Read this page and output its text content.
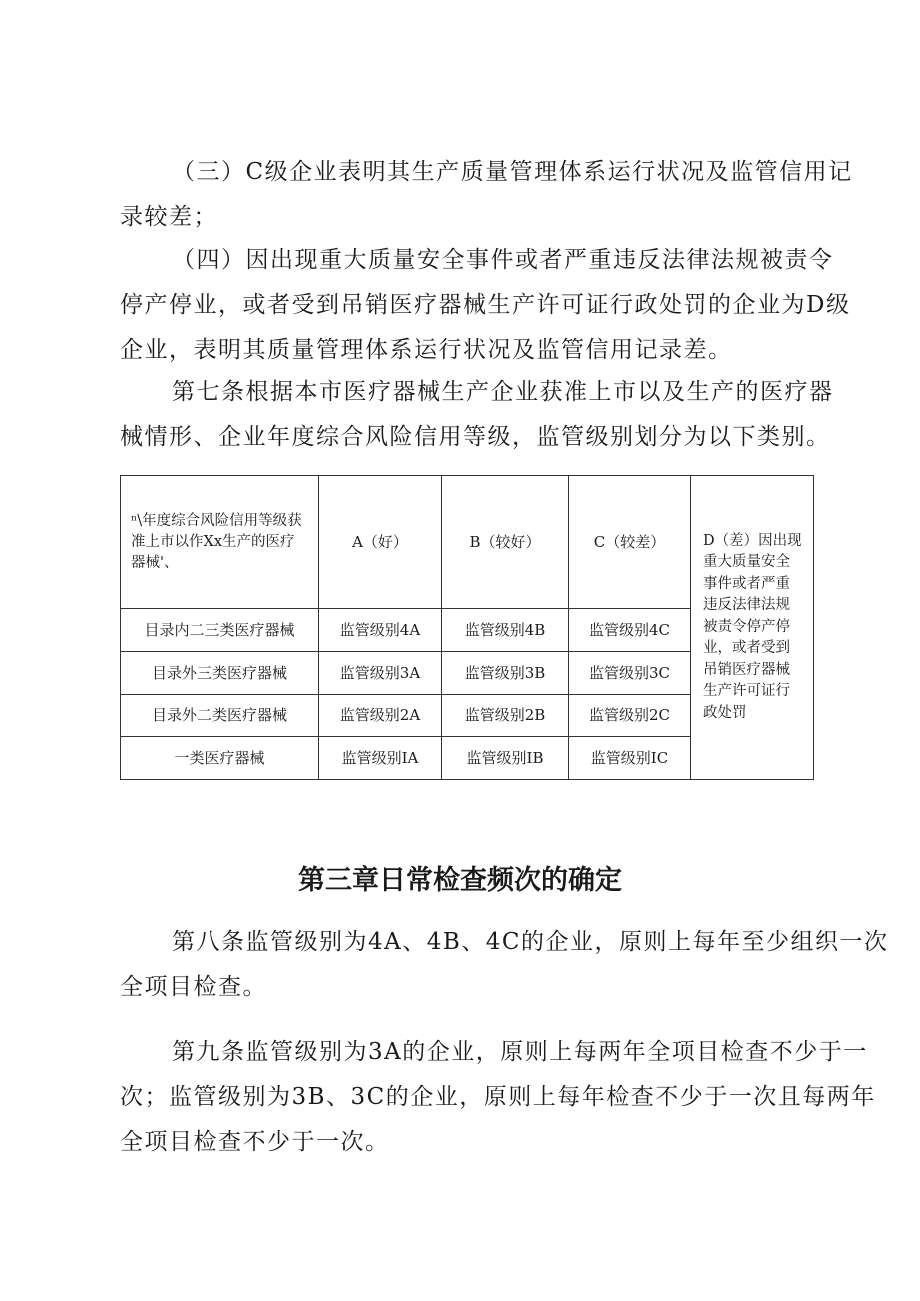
（三）C级企业表明其生产质量管理体系运行状况及监管信用记
录较差；
（四）因出现重大质量安全事件或者严重违反法律法规被责令
停产停业，或者受到吊销医疗器械生产许可证行政处罚的企业为D级
企业，表明其质量管理体系运行状况及监管信用记录差。
第七条根据本市医疗器械生产企业获准上市以及生产的医疗器
械情形、企业年度综合风险信用等级，监管级别划分为以下类别。
ⁿ\年度综合风险信用等级获准上市以作Xx生产的医疗器械'、	A（好）	B（较好）	C（较差）	D（差）因出现重大质量安全事件或者严重违反法律法规被责令停产停业，或者受到吊销医疗器械生产许可证行政处罚
目录内二三类医疗器械	监管级别4A	监管级别4B	监管级别4C	
目录外三类医疗器械	监管级别3A	监管级别3B	监管级别3C	
目录外二类医疗器械	监管级别2A	监管级别2B	监管级别2C	
一类医疗器械	监管级别IA	监管级别IB	监管级别IC	
第三章日常检查频次的确定
第八条监管级别为4A、4B、4C的企业，原则上每年至少组织一次
全项目检查。
第九条监管级别为3A的企业，原则上每两年全项目检查不少于一
次；监管级别为3B、3C的企业，原则上每年检查不少于一次且每两年
全项目检查不少于一次。
